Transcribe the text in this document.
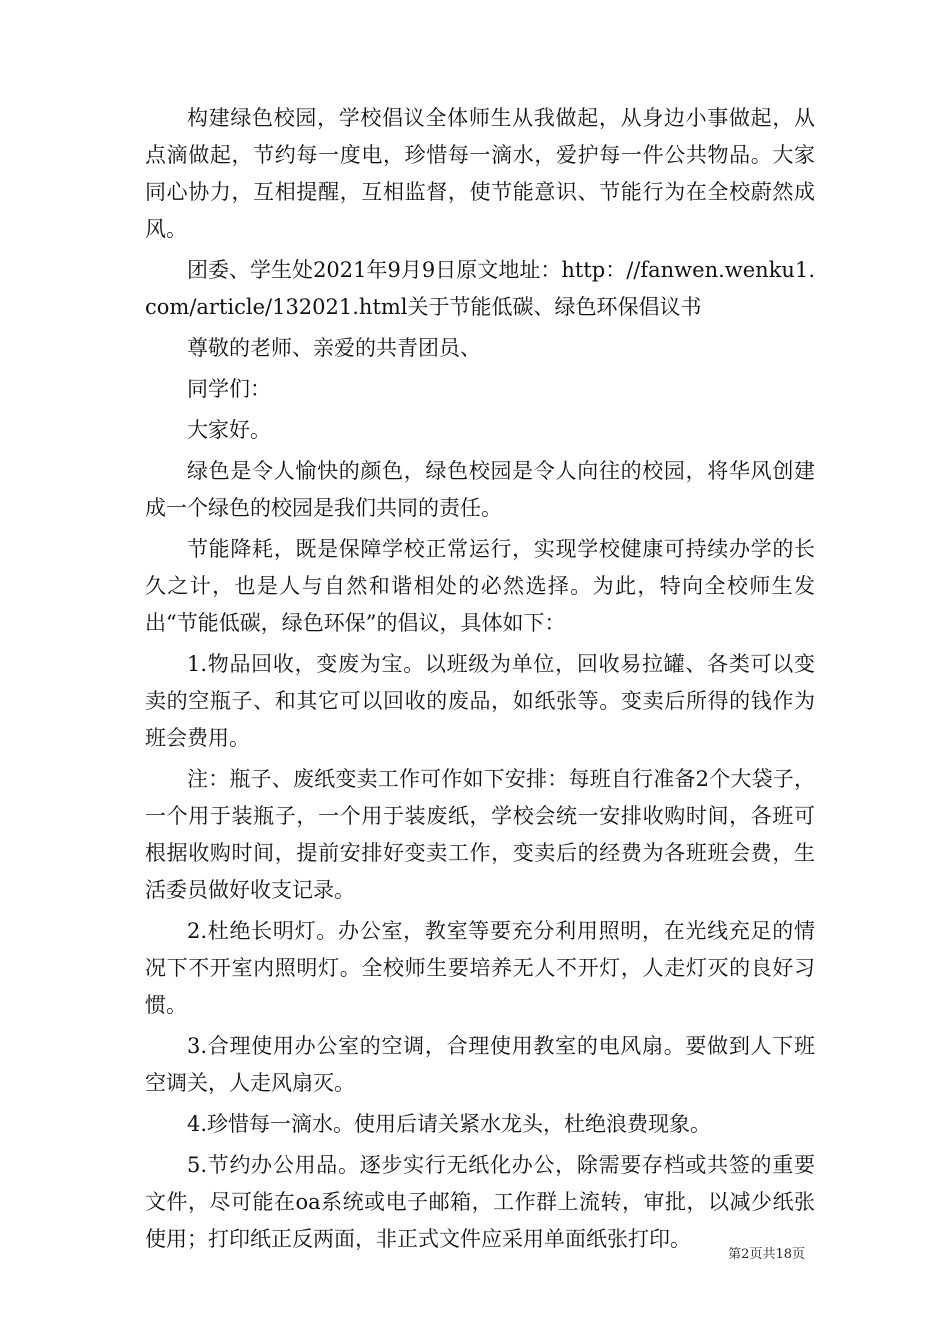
构建绿色校园，学校倡议全体师生从我做起，从身边小事做起，从点滴做起，节约每一度电，珍惜每一滴水，爱护每一件公共物品。大家同心协力，互相提醒，互相监督，使节能意识、节能行为在全校蔚然成风。

团委、学生处2021年9月9日原文地址：http：//fanwen.wenku1.com/article/132021.html关于节能低碳、绿色环保倡议书

尊敬的老师、亲爱的共青团员、

同学们：

大家好。

绿色是令人愉快的颜色，绿色校园是令人向往的校园，将华风创建成一个绿色的校园是我们共同的责任。

节能降耗，既是保障学校正常运行，实现学校健康可持续办学的长久之计，也是人与自然和谐相处的必然选择。为此，特向全校师生发出“节能低碳，绿色环保”的倡议，具体如下：

1.物品回收，变废为宝。以班级为单位，回收易拉罐、各类可以变卖的空瓶子、和其它可以回收的废品，如纸张等。变卖后所得的钱作为班会费用。

注：瓶子、废纸变卖工作可作如下安排：每班自行准备2个大袋子，一个用于装瓶子，一个用于装废纸，学校会统一安排收购时间，各班可根据收购时间，提前安排好变卖工作，变卖后的经费为各班班会费，生活委员做好收支记录。

2.杜绝长明灯。办公室，教室等要充分利用照明，在光线充足的情况下不开室内照明灯。全校师生要培养无人不开灯，人走灯灭的良好习惯。

3.合理使用办公室的空调，合理使用教室的电风扇。要做到人下班空调关，人走风扇灭。

4.珍惜每一滴水。使用后请关紧水龙头，杜绝浪费现象。

5.节约办公用品。逐步实行无纸化办公，除需要存档或共签的重要文件，尽可能在oa系统或电子邮箱，工作群上流转，审批，以减少纸张使用；打印纸正反两面，非正式文件应采用单面纸张打印。

第2页共18页
